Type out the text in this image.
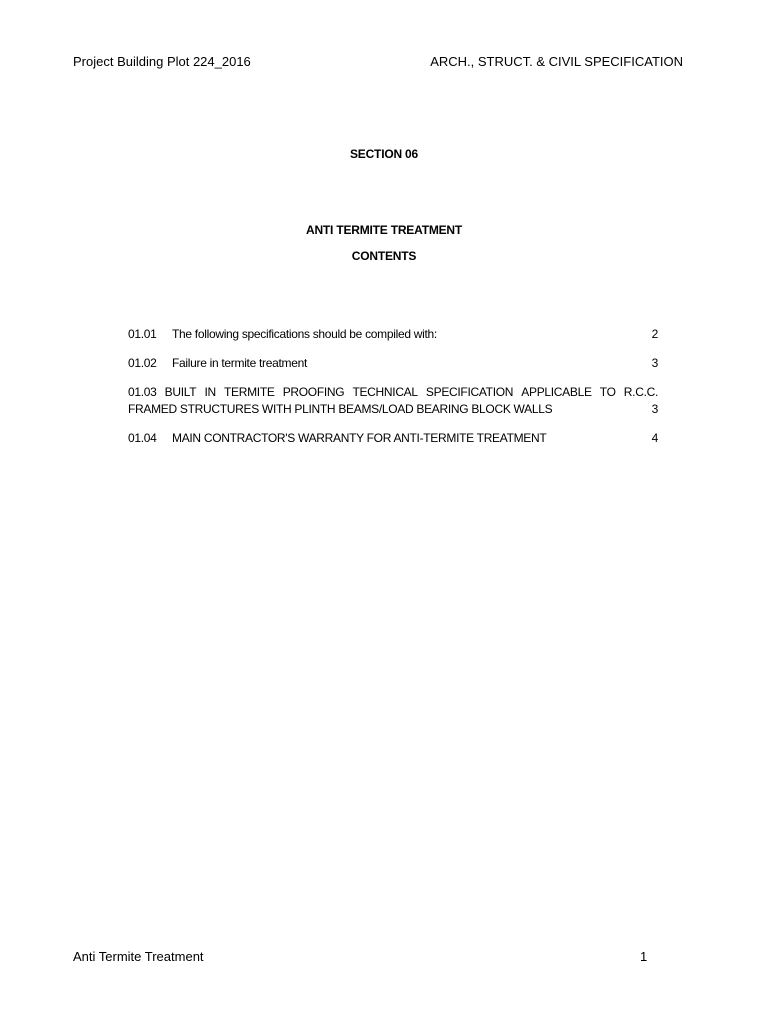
Project Building Plot 224_2016	ARCH., STRUCT. & CIVIL SPECIFICATION
SECTION 06
ANTI TERMITE TREATMENT
CONTENTS
01.01 The following specifications should be compiled with:	2
01.02 Failure in termite treatment	3
01.03 BUILT IN TERMITE PROOFING TECHNICAL SPECIFICATION APPLICABLE TO R.C.C.
FRAMED STRUCTURES WITH PLINTH BEAMS/LOAD BEARING BLOCK WALLS	3
01.04 MAIN CONTRACTOR'S WARRANTY FOR ANTI-TERMITE TREATMENT	4
Anti Termite Treatment	1
